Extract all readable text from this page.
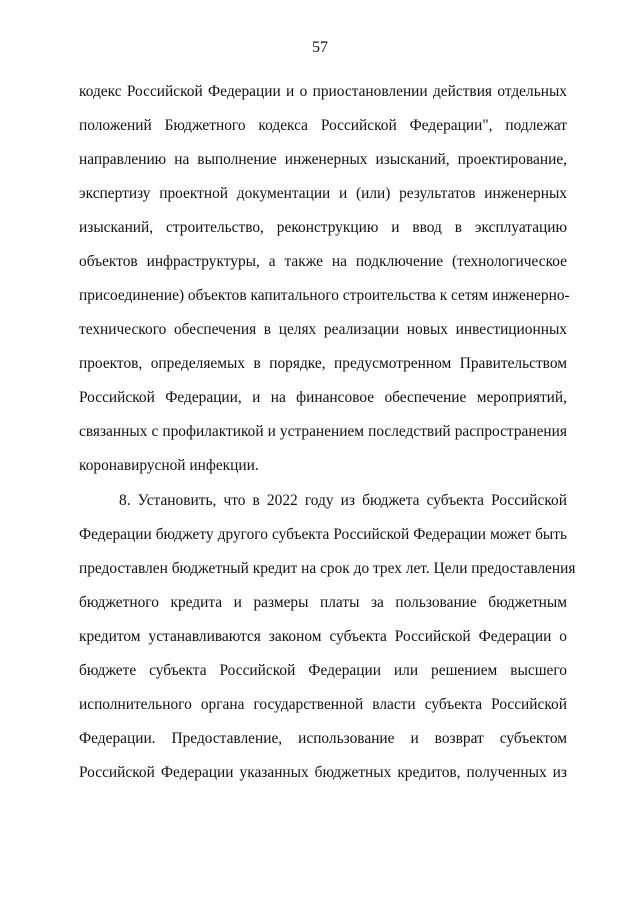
57
кодекс Российской Федерации и о приостановлении действия отдельных
положений Бюджетного кодекса Российской Федерации", подлежат
направлению на выполнение инженерных изысканий, проектирование,
экспертизу проектной документации и (или) результатов инженерных
изысканий, строительство, реконструкцию и ввод в эксплуатацию
объектов инфраструктуры, а также на подключение (технологическое
присоединение) объектов капитального строительства к сетям инженерно-
технического обеспечения в целях реализации новых инвестиционных
проектов, определяемых в порядке, предусмотренном Правительством
Российской Федерации, и на финансовое обеспечение мероприятий,
связанных с профилактикой и устранением последствий распространения
коронавирусной инфекции.
8. Установить, что в 2022 году из бюджета субъекта Российской
Федерации бюджету другого субъекта Российской Федерации может быть
предоставлен бюджетный кредит на срок до трех лет. Цели предоставления
бюджетного кредита и размеры платы за пользование бюджетным
кредитом устанавливаются законом субъекта Российской Федерации о
бюджете субъекта Российской Федерации или решением высшего
исполнительного органа государственной власти субъекта Российской
Федерации. Предоставление, использование и возврат субъектом
Российской Федерации указанных бюджетных кредитов, полученных из
